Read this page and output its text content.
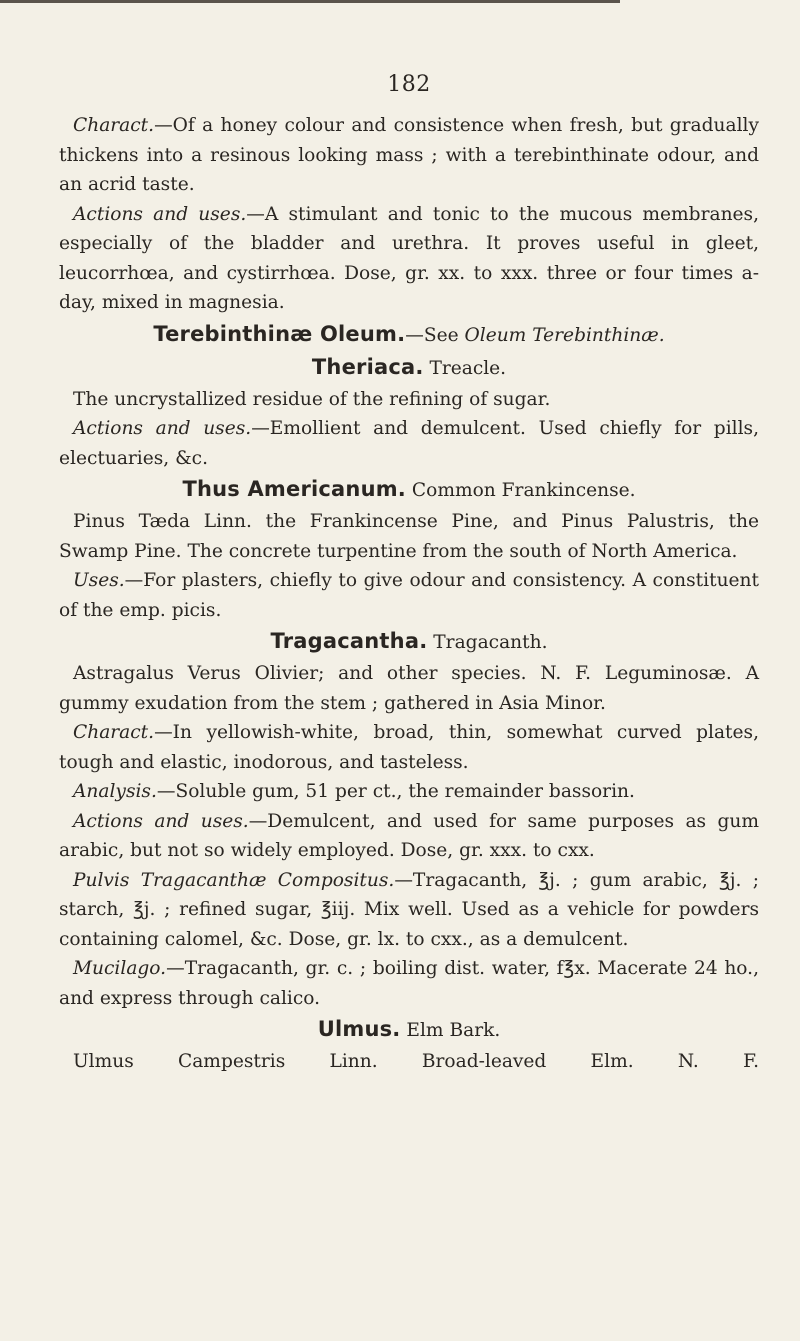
182

Charact.—Of a honey colour and consistence when fresh, but gradually thickens into a resinous looking mass ; with a terebinthinate odour, and an acrid taste.

Actions and uses.—A stimulant and tonic to the mucous membranes, especially of the bladder and urethra. It proves useful in gleet, leucorrhœa, and cystirrhœa. Dose, gr. xx. to xxx. three or four times a-day, mixed in magnesia.

Terebinthinæ Oleum.—See Oleum Terebinthinæ.
Theriaca. Treacle.

The uncrystallized residue of the refining of sugar.

Actions and uses.—Emollient and demulcent. Used chiefly for pills, electuaries, &c.

Thus Americanum. Common Frankincense.

Pinus Tæda Linn. the Frankincense Pine, and Pinus Palustris, the Swamp Pine. The concrete turpentine from the south of North America.

Uses.—For plasters, chiefly to give odour and consistency. A constituent of the emp. picis.

Tragacantha. Tragacanth.

Astragalus Verus Olivier; and other species. N. F. Leguminosæ. A gummy exudation from the stem ; gathered in Asia Minor.

Charact.—In yellowish-white, broad, thin, somewhat curved plates, tough and elastic, inodorous, and tasteless.

Analysis.—Soluble gum, 51 per ct., the remainder bassorin.

Actions and uses.—Demulcent, and used for same purposes as gum arabic, but not so widely employed. Dose, gr. xxx. to cxx.

Pulvis Tragacanthæ Compositus.—Tragacanth, ℥j. ; gum arabic, ℥j. ; starch, ℥j. ; refined sugar, ℥iij. Mix well. Used as a vehicle for powders containing calomel, &c. Dose, gr. lx. to cxx., as a demulcent.

Mucilago.—Tragacanth, gr. c. ; boiling dist. water, f℥x. Macerate 24 ho., and express through calico.

Ulmus. Elm Bark.

Ulmus Campestris Linn. Broad-leaved Elm. N. F.
